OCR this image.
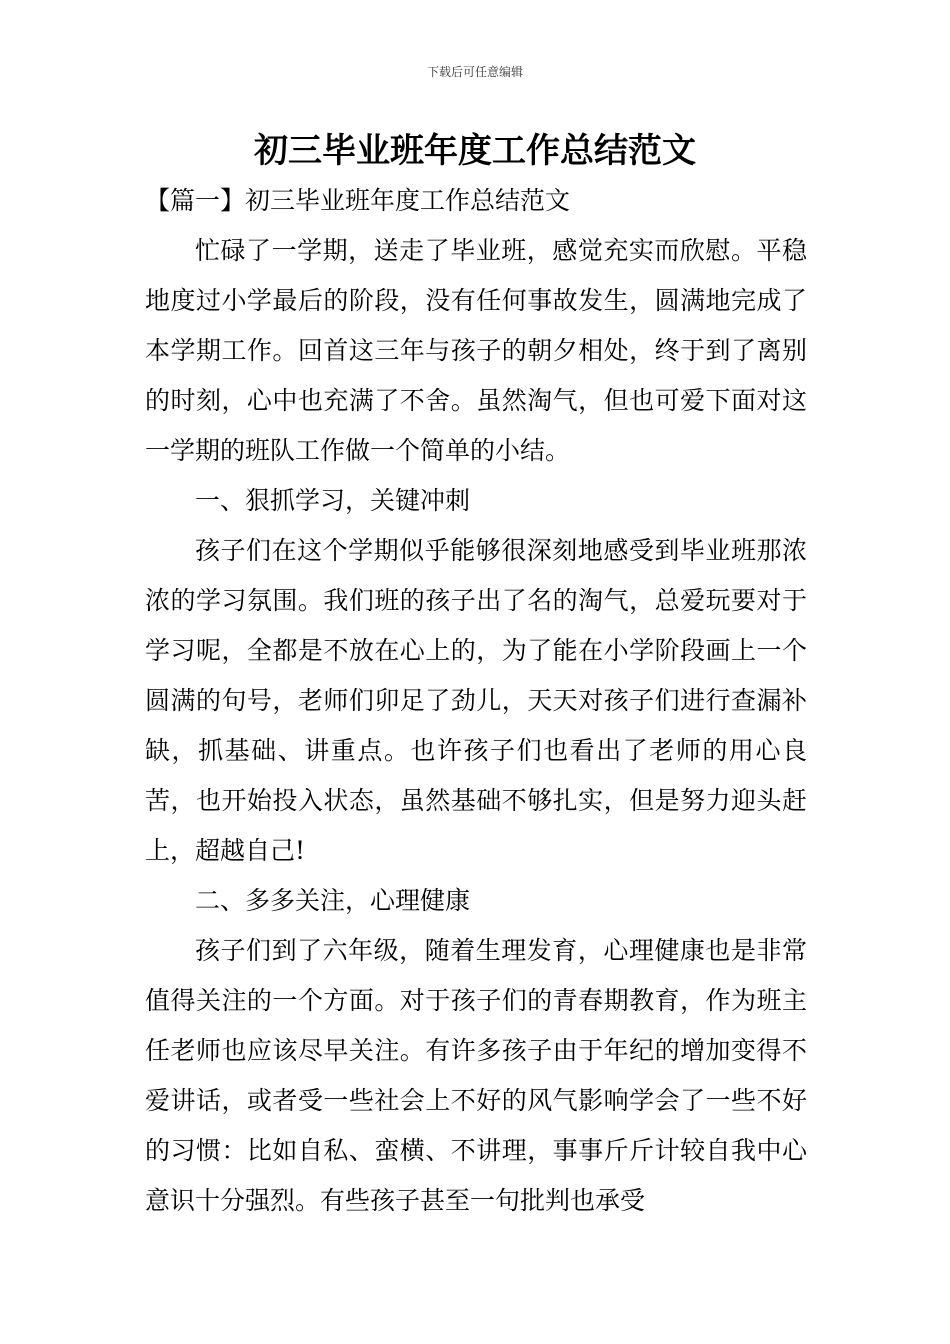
下载后可任意编辑
初三毕业班年度工作总结范文

【篇一】初三毕业班年度工作总结范文

忙碌了一学期，送走了毕业班，感觉充实而欣慰。平稳地度过小学最后的阶段，没有任何事故发生，圆满地完成了本学期工作。回首这三年与孩子的朝夕相处，终于到了离别的时刻，心中也充满了不舍。虽然淘气，但也可爱下面对这一学期的班队工作做一个简单的小结。

一、狠抓学习，关键冲刺

孩子们在这个学期似乎能够很深刻地感受到毕业班那浓浓的学习氛围。我们班的孩子出了名的淘气，总爱玩要对于学习呢，全都是不放在心上的，为了能在小学阶段画上一个圆满的句号，老师们卯足了劲儿，天天对孩子们进行查漏补缺，抓基础、讲重点。也许孩子们也看出了老师的用心良苦，也开始投入状态，虽然基础不够扎实，但是努力迎头赶上，超越自己!

二、多多关注，心理健康

孩子们到了六年级，随着生理发育，心理健康也是非常值得关注的一个方面。对于孩子们的青春期教育，作为班主任老师也应该尽早关注。有许多孩子由于年纪的增加变得不爱讲话，或者受一些社会上不好的风气影响学会了一些不好的习惯：比如自私、蛮横、不讲理，事事斤斤计较自我中心意识十分强烈。有些孩子甚至一句批判也承受
